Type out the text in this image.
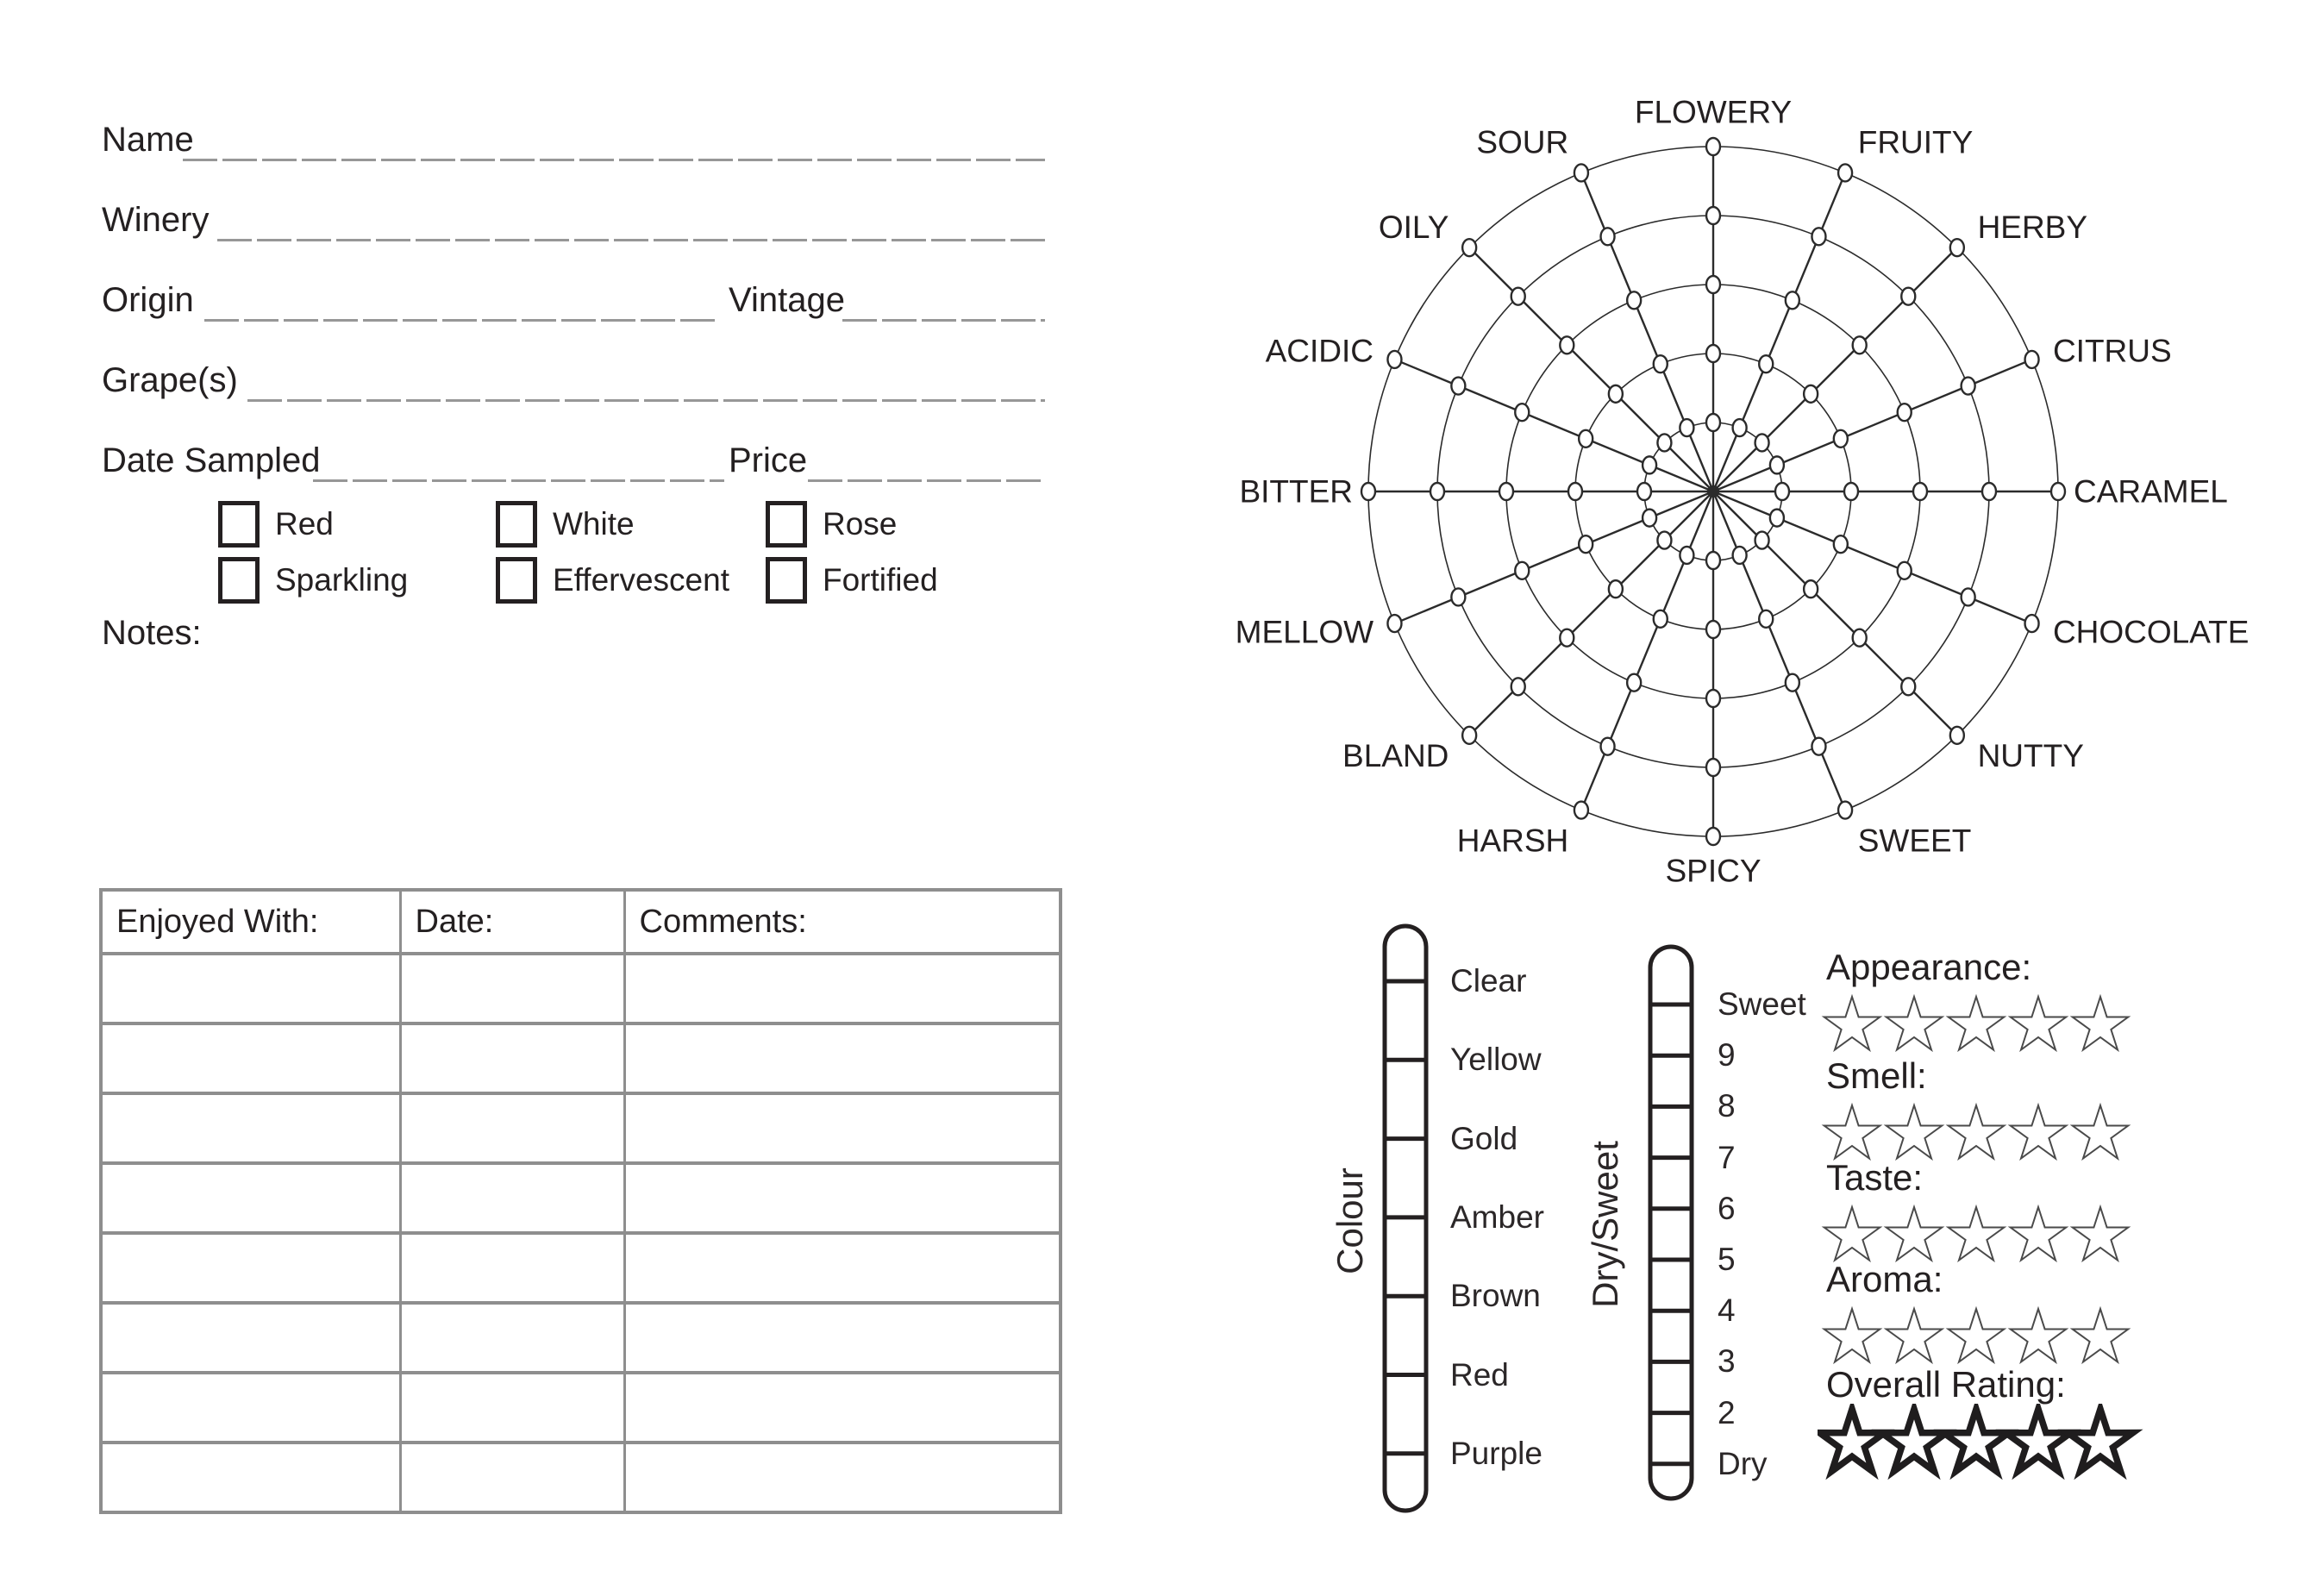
Name
Winery
Origin	Vintage
Grape(s)
Date Sampled	Price
Red	White	Rose
Sparkling	Effervescent	Fortified
Notes:
Enjoyed With:	Date:	Comments:

FLOWERY
FRUITY
HERBY
CITRUS
CARAMEL
CHOCOLATE
NUTTY
SWEET
SPICY
HARSH
BLAND
MELLOW
BITTER
ACIDIC
OILY
SOUR
Colour
Clear
Yellow
Gold
Amber
Brown
Red
Purple
Dry/Sweet
Sweet
9
8
7
6
5
4
3
2
Dry
Appearance:
Smell:
Taste:
Aroma:
Overall Rating:
